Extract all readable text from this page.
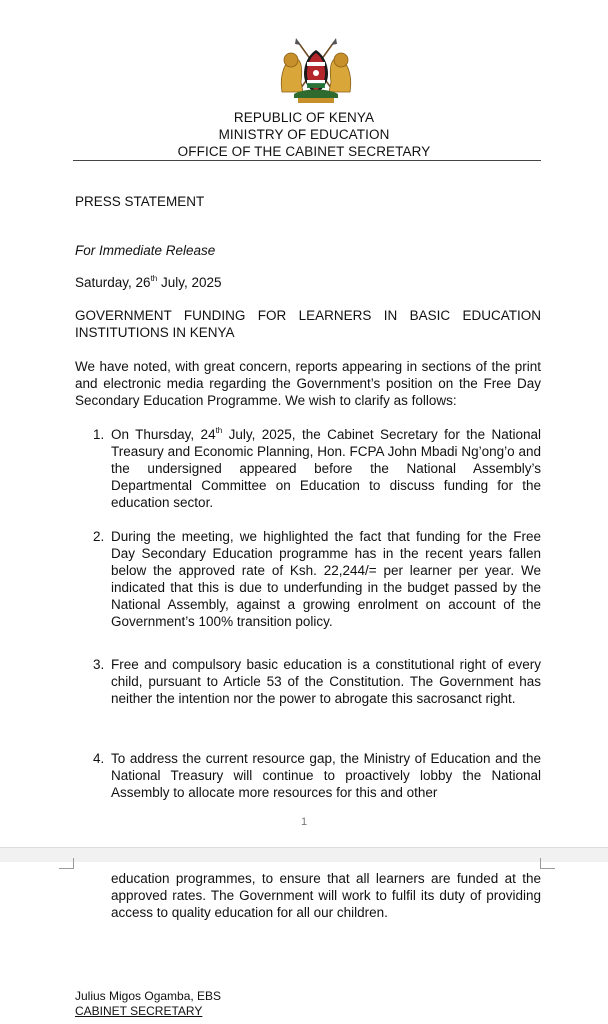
REPUBLIC OF KENYA
MINISTRY OF EDUCATION
OFFICE OF THE CABINET SECRETARY
PRESS STATEMENT
For Immediate Release
Saturday, 26th July, 2025
GOVERNMENT FUNDING FOR LEARNERS IN BASIC EDUCATION INSTITUTIONS IN KENYA
We have noted, with great concern, reports appearing in sections of the print and electronic media regarding the Government’s position on the Free Day Secondary Education Programme. We wish to clarify as follows:
1. On Thursday, 24th July, 2025, the Cabinet Secretary for the National Treasury and Economic Planning, Hon. FCPA John Mbadi Ng’ong’o and the undersigned appeared before the National Assembly’s Departmental Committee on Education to discuss funding for the education sector.
2. During the meeting, we highlighted the fact that funding for the Free Day Secondary Education programme has in the recent years fallen below the approved rate of Ksh. 22,244/= per learner per year. We indicated that this is due to underfunding in the budget passed by the National Assembly, against a growing enrolment on account of the Government’s 100% transition policy.
3. Free and compulsory basic education is a constitutional right of every child, pursuant to Article 53 of the Constitution. The Government has neither the intention nor the power to abrogate this sacrosanct right.
4. To address the current resource gap, the Ministry of Education and the National Treasury will continue to proactively lobby the National Assembly to allocate more resources for this and other
1
education programmes, to ensure that all learners are funded at the approved rates. The Government will work to fulfil its duty of providing access to quality education for all our children.
Julius Migos Ogamba, EBS
CABINET SECRETARY
